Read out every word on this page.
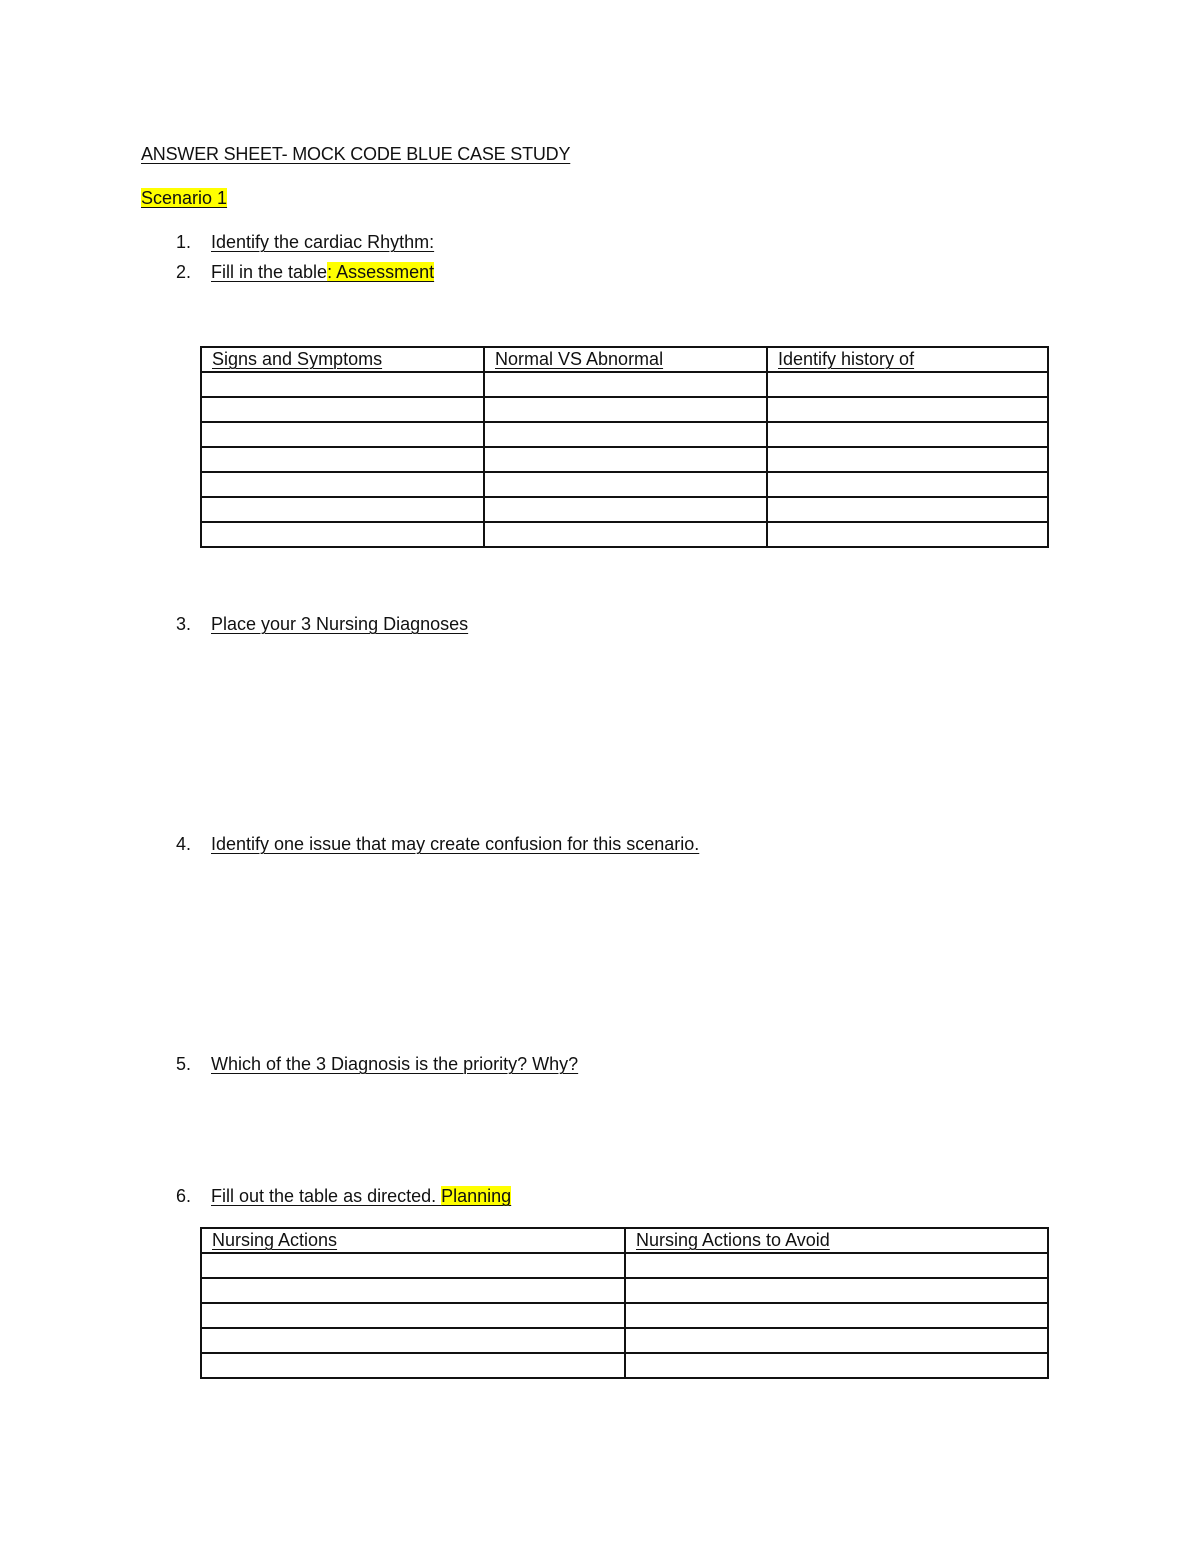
ANSWER SHEET- MOCK CODE BLUE CASE STUDY
Scenario 1
1. Identify the cardiac Rhythm:
2. Fill in the table: Assessment
Signs and Symptoms	Normal VS Abnormal	Identify history of

3. Place your 3 Nursing Diagnoses
4. Identify one issue that may create confusion for this scenario.
5. Which of the 3 Diagnosis is the priority? Why?
6. Fill out the table as directed. Planning
Nursing Actions	Nursing Actions to Avoid
